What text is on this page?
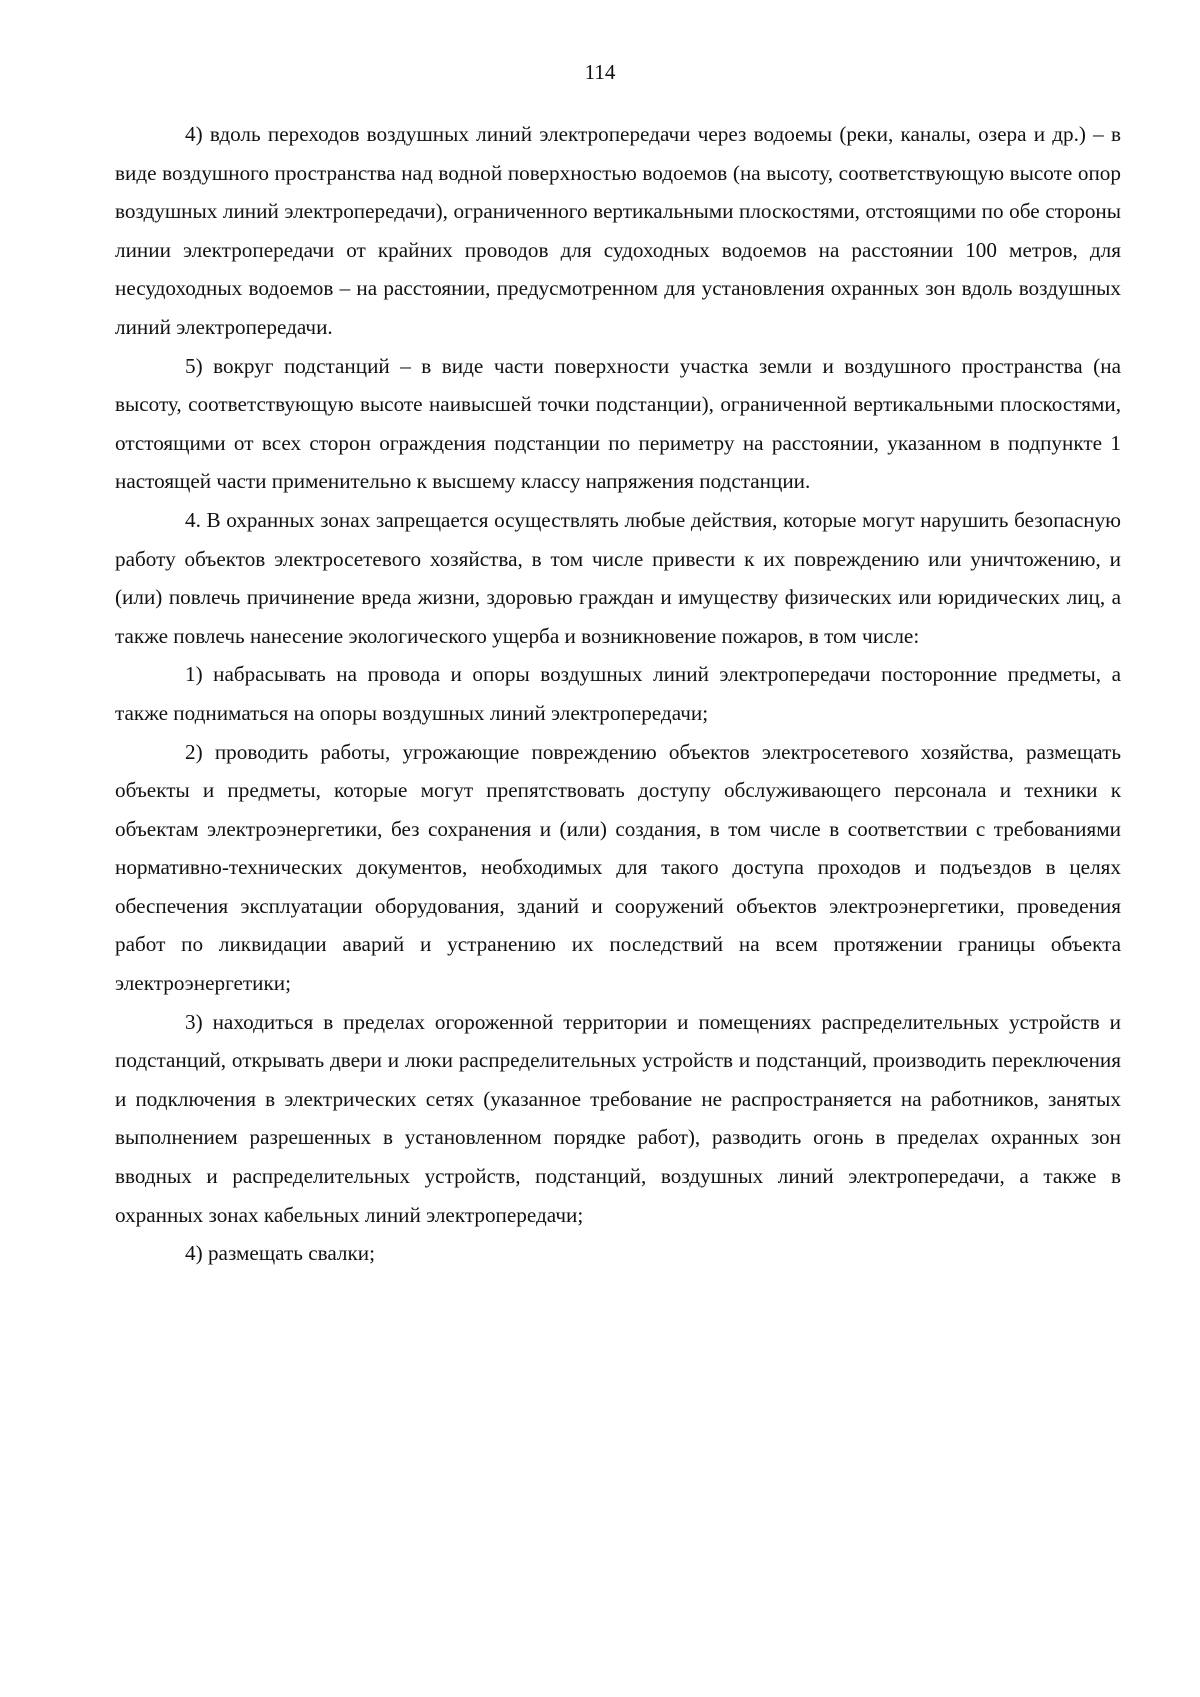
114

4) вдоль переходов воздушных линий электропередачи через водоемы (реки, каналы, озера и др.) – в виде воздушного пространства над водной поверхностью водоемов (на высоту, соответствующую высоте опор воздушных линий электропередачи), ограниченного вертикальными плоскостями, отстоящими по обе стороны линии электропередачи от крайних проводов для судоходных водоемов на расстоянии 100 метров, для несудоходных водоемов – на расстоянии, предусмотренном для установления охранных зон вдоль воздушных линий электропередачи.

5) вокруг подстанций – в виде части поверхности участка земли и воздушного пространства (на высоту, соответствующую высоте наивысшей точки подстанции), ограниченной вертикальными плоскостями, отстоящими от всех сторон ограждения подстанции по периметру на расстоянии, указанном в подпункте 1 настоящей части применительно к высшему классу напряжения подстанции.

4. В охранных зонах запрещается осуществлять любые действия, которые могут нарушить безопасную работу объектов электросетевого хозяйства, в том числе привести к их повреждению или уничтожению, и (или) повлечь причинение вреда жизни, здоровью граждан и имуществу физических или юридических лиц, а также повлечь нанесение экологического ущерба и возникновение пожаров, в том числе:

1) набрасывать на провода и опоры воздушных линий электропередачи посторонние предметы, а также подниматься на опоры воздушных линий электропередачи;

2) проводить работы, угрожающие повреждению объектов электросетевого хозяйства, размещать объекты и предметы, которые могут препятствовать доступу обслуживающего персонала и техники к объектам электроэнергетики, без сохранения и (или) создания, в том числе в соответствии с требованиями нормативно-технических документов, необходимых для такого доступа проходов и подъездов в целях обеспечения эксплуатации оборудования, зданий и сооружений объектов электроэнергетики, проведения работ по ликвидации аварий и устранению их последствий на всем протяжении границы объекта электроэнергетики;

3) находиться в пределах огороженной территории и помещениях распределительных устройств и подстанций, открывать двери и люки распределительных устройств и подстанций, производить переключения и подключения в электрических сетях (указанное требование не распространяется на работников, занятых выполнением разрешенных в установленном порядке работ), разводить огонь в пределах охранных зон вводных и распределительных устройств, подстанций, воздушных линий электропередачи, а также в охранных зонах кабельных линий электропередачи;

4) размещать свалки;
